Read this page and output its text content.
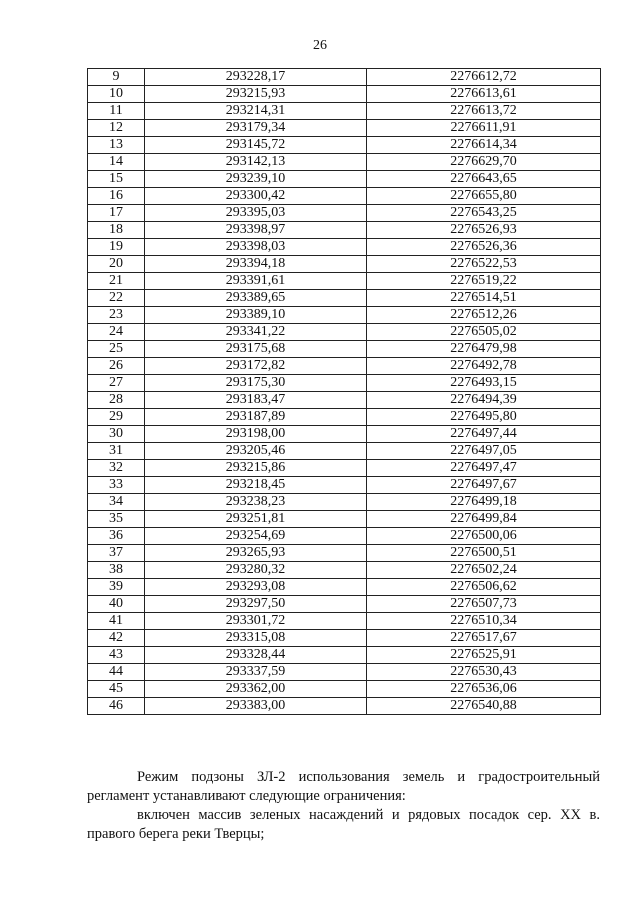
26
9	293228,17	2276612,72
10	293215,93	2276613,61
11	293214,31	2276613,72
12	293179,34	2276611,91
13	293145,72	2276614,34
14	293142,13	2276629,70
15	293239,10	2276643,65
16	293300,42	2276655,80
17	293395,03	2276543,25
18	293398,97	2276526,93
19	293398,03	2276526,36
20	293394,18	2276522,53
21	293391,61	2276519,22
22	293389,65	2276514,51
23	293389,10	2276512,26
24	293341,22	2276505,02
25	293175,68	2276479,98
26	293172,82	2276492,78
27	293175,30	2276493,15
28	293183,47	2276494,39
29	293187,89	2276495,80
30	293198,00	2276497,44
31	293205,46	2276497,05
32	293215,86	2276497,47
33	293218,45	2276497,67
34	293238,23	2276499,18
35	293251,81	2276499,84
36	293254,69	2276500,06
37	293265,93	2276500,51
38	293280,32	2276502,24
39	293293,08	2276506,62
40	293297,50	2276507,73
41	293301,72	2276510,34
42	293315,08	2276517,67
43	293328,44	2276525,91
44	293337,59	2276530,43
45	293362,00	2276536,06
46	293383,00	2276540,88

Режим подзоны ЗЛ-2 использования земель и градостроительный регламент устанавливают следующие ограничения:

включен массив зеленых насаждений и рядовых посадок сер. XX в. правого берега реки Тверцы;
